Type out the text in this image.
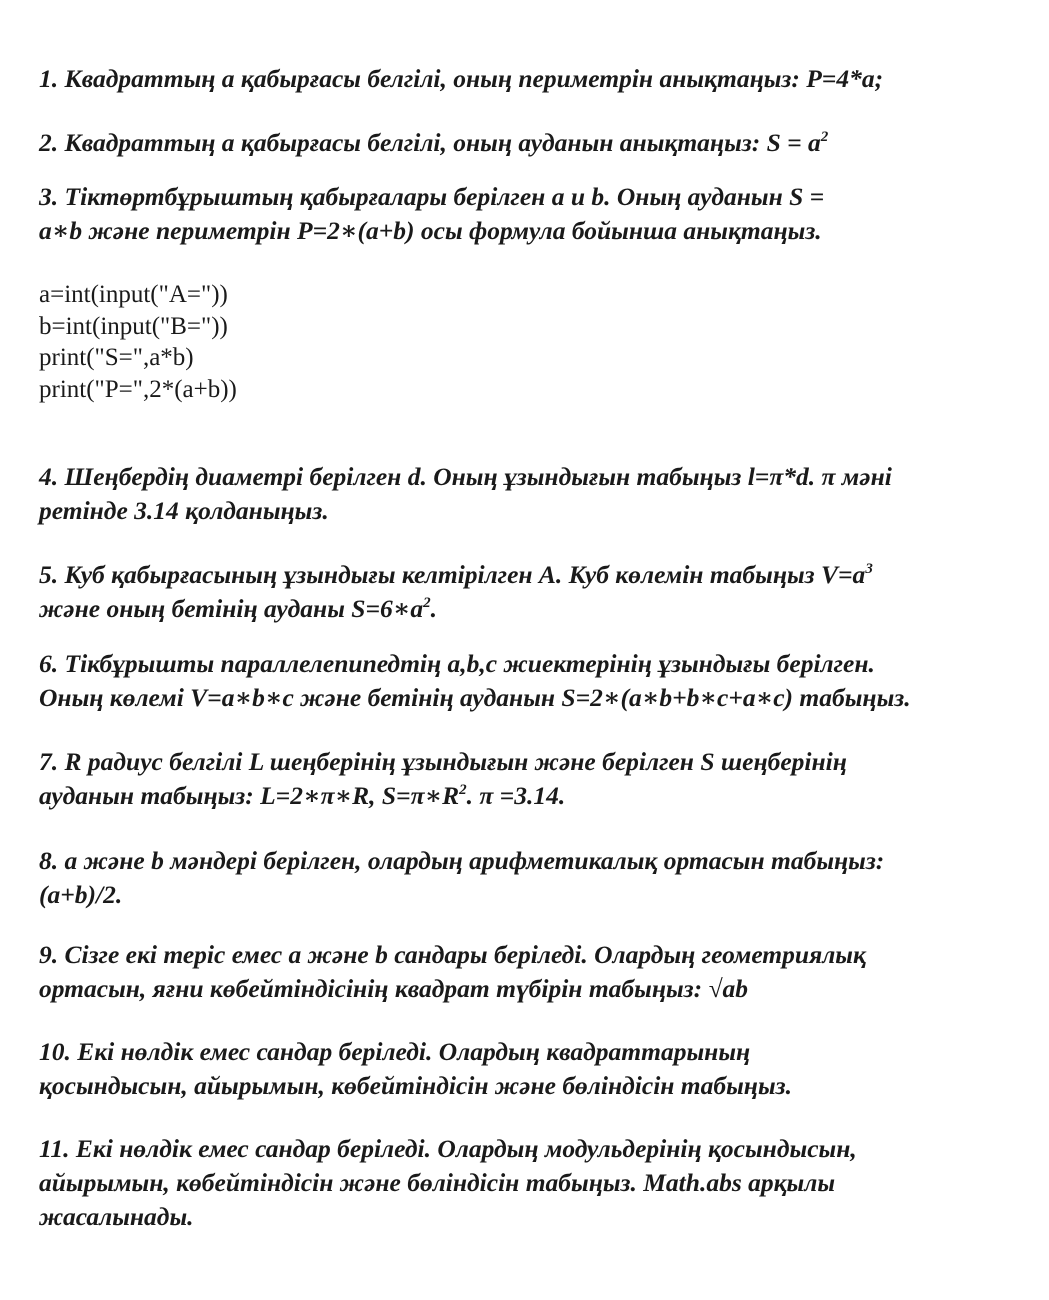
1. Квадраттың а қабырғасы белгілі, оның периметрін анықтаңыз: P=4*a;

2. Квадраттың а қабырғасы белгілі, оның ауданын анықтаңыз: $S = a^2$

3. Тіктөртбұрыштың қабырғалары берілген a и b. Оның ауданын S =
a∗b және периметрін P=2∗(a+b) осы формула бойынша анықтаңыз.

a=int(input("A="))
b=int(input("B="))
print("S=",a*b)
print("P=",2*(a+b))

4. Шеңбердің диаметрі берілген d. Оның ұзындығын табыңыз l=π*d. π мәні
ретінде 3.14 қолданыңыз.

5. Куб қабырғасының ұзындығы келтірілген A. Куб көлемін табыңыз $V=a^3$
және оның бетінің ауданы $S=6∗a^2$.

6. Тікбұрышты параллелепипедтің a,b,c жиектерінің ұзындығы берілген.
Оның көлемі V=a∗b∗c және бетінің ауданын S=2∗(a∗b+b∗c+a∗c) табыңыз.

7. R радиус белгілі L шеңберінің ұзындығын және берілген S шеңберінің
ауданын табыңыз: L=2∗π∗R, $S=\pi∗R^2$. π =3.14.

8. a және b мәндері берілген, олардың арифметикалық ортасын табыңыз:
(a+b)/2.

9. Сізге екі теріс емес a және b сандары беріледі. Олардың геометриялық
ортасын, яғни көбейтіндісінің квадрат түбірін табыңыз: √ab

10. Екі нөлдік емес сандар беріледі. Олардың квадраттарының
қосындысын, айырымын, көбейтіндісін және бөліндісін табыңыз.

11. Екі нөлдік емес сандар беріледі. Олардың модульдерінің қосындысын,
айырымын, көбейтіндісін және бөліндісін табыңыз. Math.abs арқылы
жасалынады.
